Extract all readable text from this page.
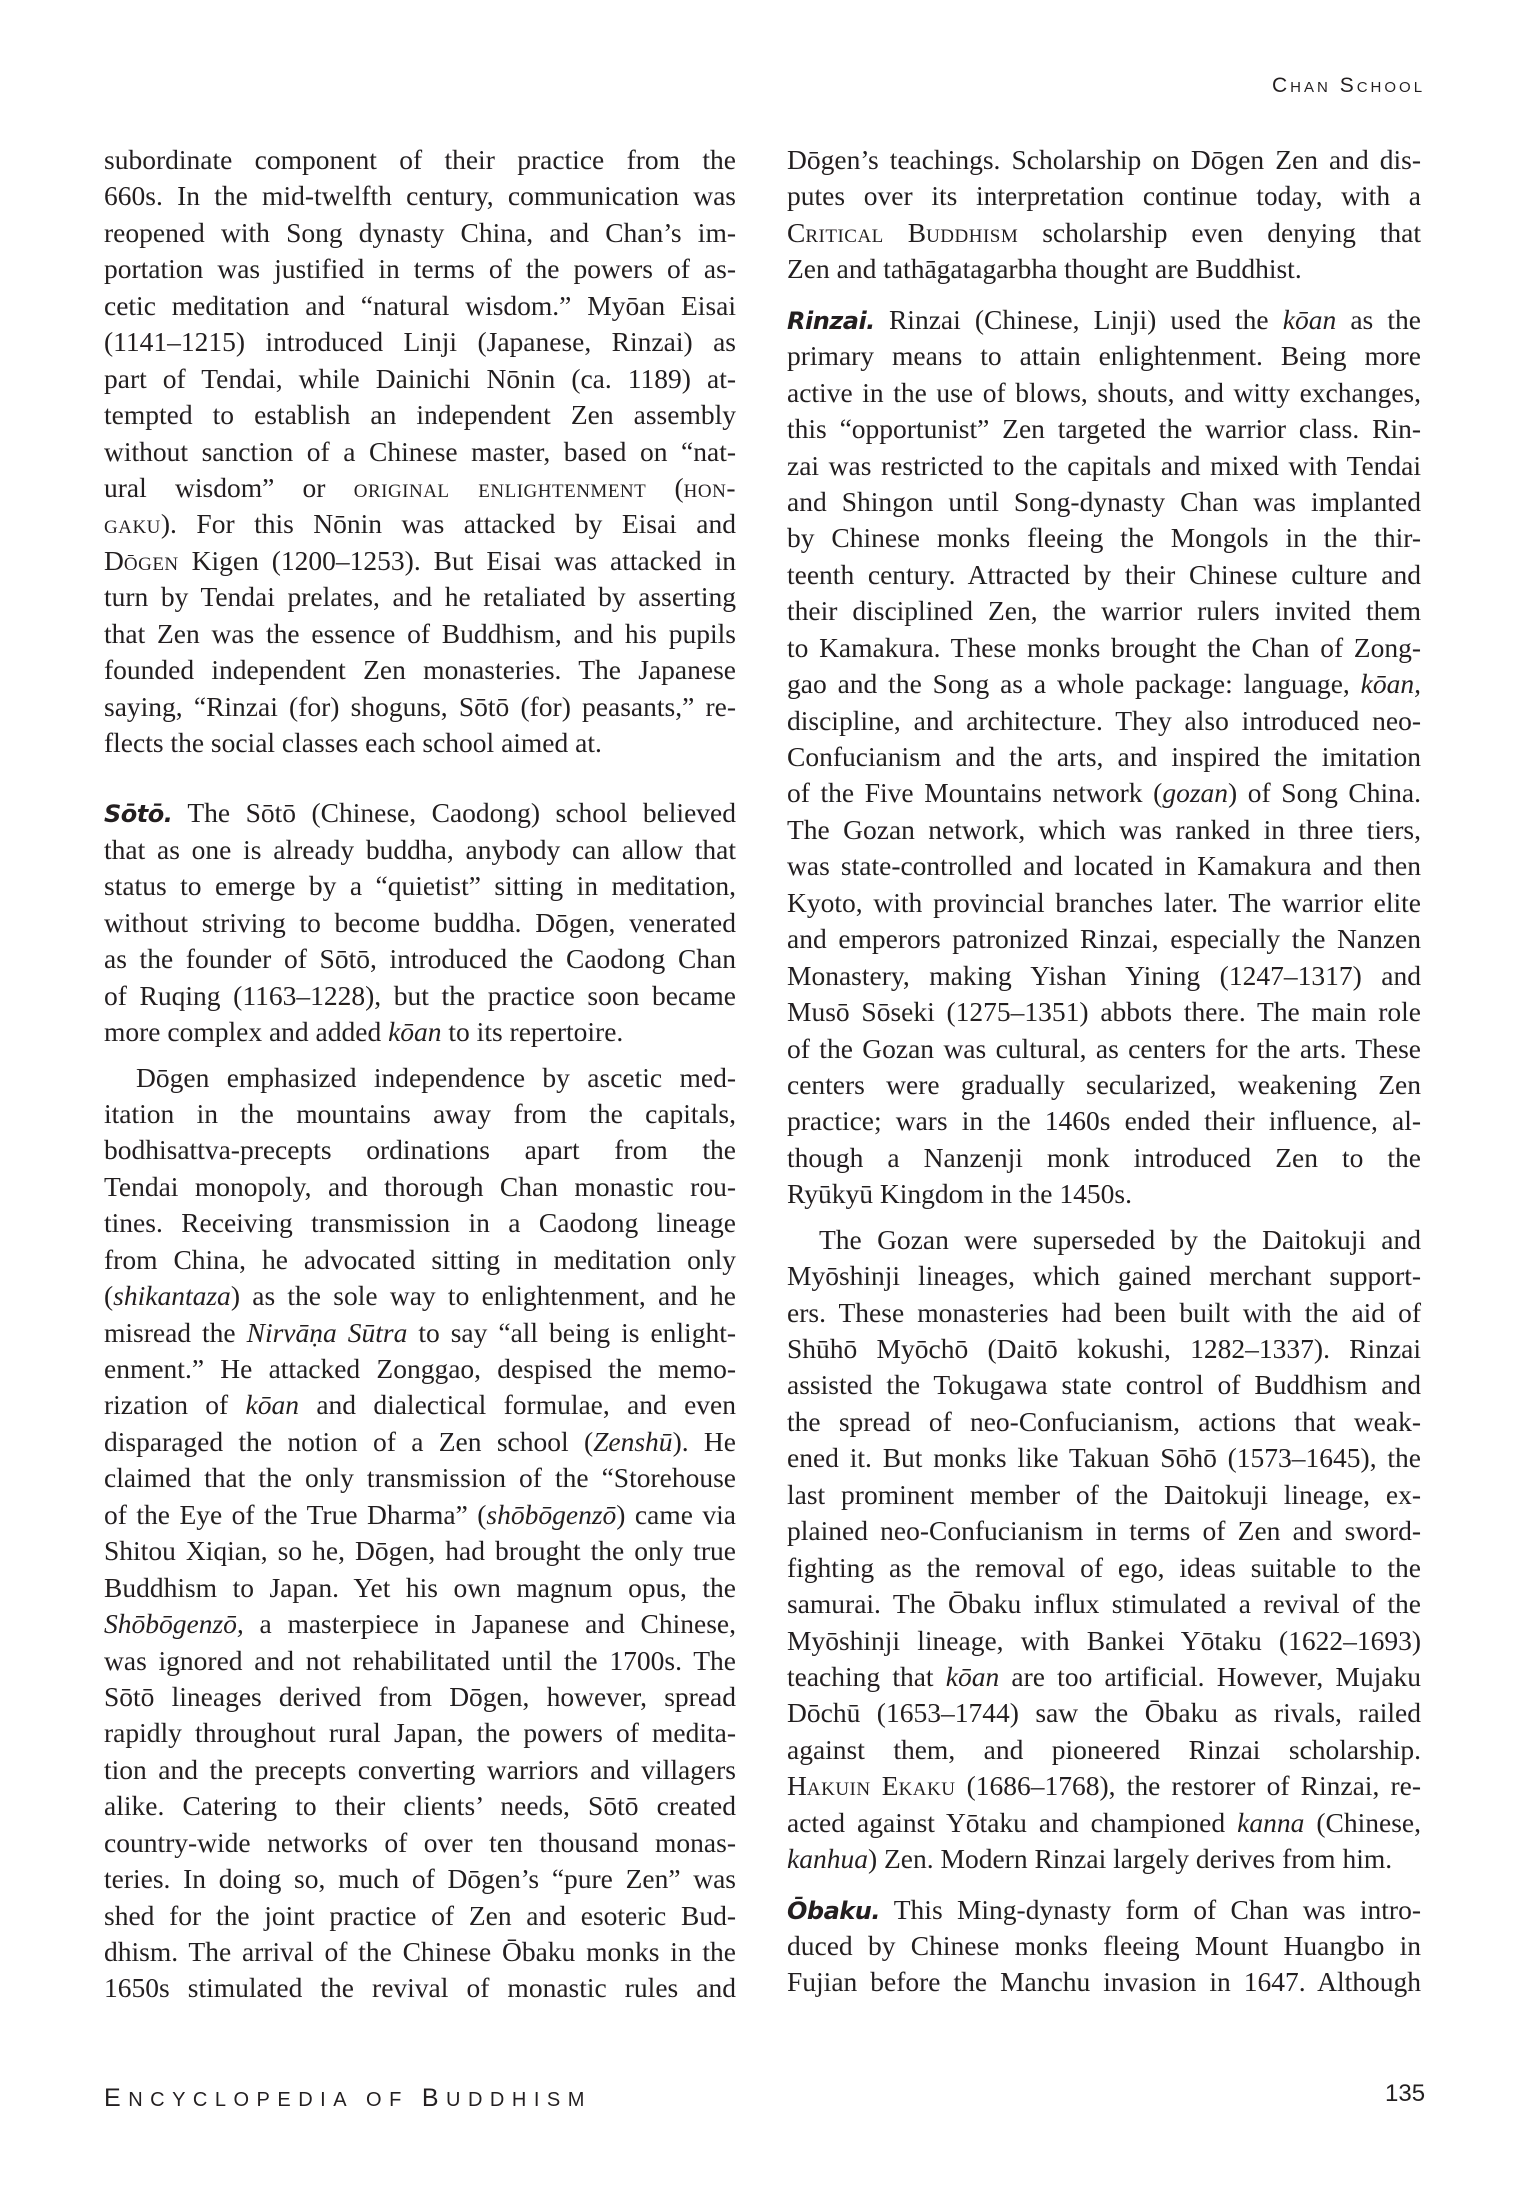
Chan School
subordinate component of their practice from the
660s. In the mid-twelfth century, communication was
reopened with Song dynasty China, and Chan’s im-
portation was justified in terms of the powers of as-
cetic meditation and “natural wisdom.” Myōan Eisai
(1141–1215) introduced Linji (Japanese, Rinzai) as
part of Tendai, while Dainichi Nōnin (ca. 1189) at-
tempted to establish an independent Zen assembly
without sanction of a Chinese master, based on “nat-
ural wisdom” or original enlightenment (hon-
gaku). For this Nōnin was attacked by Eisai and
Dōgen Kigen (1200–1253). But Eisai was attacked in
turn by Tendai prelates, and he retaliated by asserting
that Zen was the essence of Buddhism, and his pupils
founded independent Zen monasteries. The Japanese
saying, “Rinzai (for) shoguns, Sōtō (for) peasants,” re-
flects the social classes each school aimed at.
Sōtō. The Sōtō (Chinese, Caodong) school believed
that as one is already buddha, anybody can allow that
status to emerge by a “quietist” sitting in meditation,
without striving to become buddha. Dōgen, venerated
as the founder of Sōtō, introduced the Caodong Chan
of Ruqing (1163–1228), but the practice soon became
more complex and added kōan to its repertoire.
Dōgen emphasized independence by ascetic med-
itation in the mountains away from the capitals,
bodhisattva-precepts ordinations apart from the
Tendai monopoly, and thorough Chan monastic rou-
tines. Receiving transmission in a Caodong lineage
from China, he advocated sitting in meditation only
(shikantaza) as the sole way to enlightenment, and he
misread the Nirvāṇa Sūtra to say “all being is enlight-
enment.” He attacked Zonggao, despised the memo-
rization of kōan and dialectical formulae, and even
disparaged the notion of a Zen school (Zenshū). He
claimed that the only transmission of the “Storehouse
of the Eye of the True Dharma” (shōbōgenzō) came via
Shitou Xiqian, so he, Dōgen, had brought the only true
Buddhism to Japan. Yet his own magnum opus, the
Shōbōgenzō, a masterpiece in Japanese and Chinese,
was ignored and not rehabilitated until the 1700s. The
Sōtō lineages derived from Dōgen, however, spread
rapidly throughout rural Japan, the powers of medita-
tion and the precepts converting warriors and villagers
alike. Catering to their clients’ needs, Sōtō created
country-wide networks of over ten thousand monas-
teries. In doing so, much of Dōgen’s “pure Zen” was
shed for the joint practice of Zen and esoteric Bud-
dhism. The arrival of the Chinese Ōbaku monks in the
1650s stimulated the revival of monastic rules and
Dōgen’s teachings. Scholarship on Dōgen Zen and dis-
putes over its interpretation continue today, with a
Critical Buddhism scholarship even denying that
Zen and tathāgatagarbha thought are Buddhist.
Rinzai. Rinzai (Chinese, Linji) used the kōan as the
primary means to attain enlightenment. Being more
active in the use of blows, shouts, and witty exchanges,
this “opportunist” Zen targeted the warrior class. Rin-
zai was restricted to the capitals and mixed with Tendai
and Shingon until Song-dynasty Chan was implanted
by Chinese monks fleeing the Mongols in the thir-
teenth century. Attracted by their Chinese culture and
their disciplined Zen, the warrior rulers invited them
to Kamakura. These monks brought the Chan of Zong-
gao and the Song as a whole package: language, kōan,
discipline, and architecture. They also introduced neo-
Confucianism and the arts, and inspired the imitation
of the Five Mountains network (gozan) of Song China.
The Gozan network, which was ranked in three tiers,
was state-controlled and located in Kamakura and then
Kyoto, with provincial branches later. The warrior elite
and emperors patronized Rinzai, especially the Nanzen
Monastery, making Yishan Yining (1247–1317) and
Musō Sōseki (1275–1351) abbots there. The main role
of the Gozan was cultural, as centers for the arts. These
centers were gradually secularized, weakening Zen
practice; wars in the 1460s ended their influence, al-
though a Nanzenji monk introduced Zen to the
Ryūkyū Kingdom in the 1450s.
The Gozan were superseded by the Daitokuji and
Myōshinji lineages, which gained merchant support-
ers. These monasteries had been built with the aid of
Shūhō Myōchō (Daitō kokushi, 1282–1337). Rinzai
assisted the Tokugawa state control of Buddhism and
the spread of neo-Confucianism, actions that weak-
ened it. But monks like Takuan Sōhō (1573–1645), the
last prominent member of the Daitokuji lineage, ex-
plained neo-Confucianism in terms of Zen and sword-
fighting as the removal of ego, ideas suitable to the
samurai. The Ōbaku influx stimulated a revival of the
Myōshinji lineage, with Bankei Yōtaku (1622–1693)
teaching that kōan are too artificial. However, Mujaku
Dōchū (1653–1744) saw the Ōbaku as rivals, railed
against them, and pioneered Rinzai scholarship.
Hakuin Ekaku (1686–1768), the restorer of Rinzai, re-
acted against Yōtaku and championed kanna (Chinese,
kanhua) Zen. Modern Rinzai largely derives from him.
Ōbaku. This Ming-dynasty form of Chan was intro-
duced by Chinese monks fleeing Mount Huangbo in
Fujian before the Manchu invasion in 1647. Although
ENCYCLOPEDIA OF BUDDHISM	135
